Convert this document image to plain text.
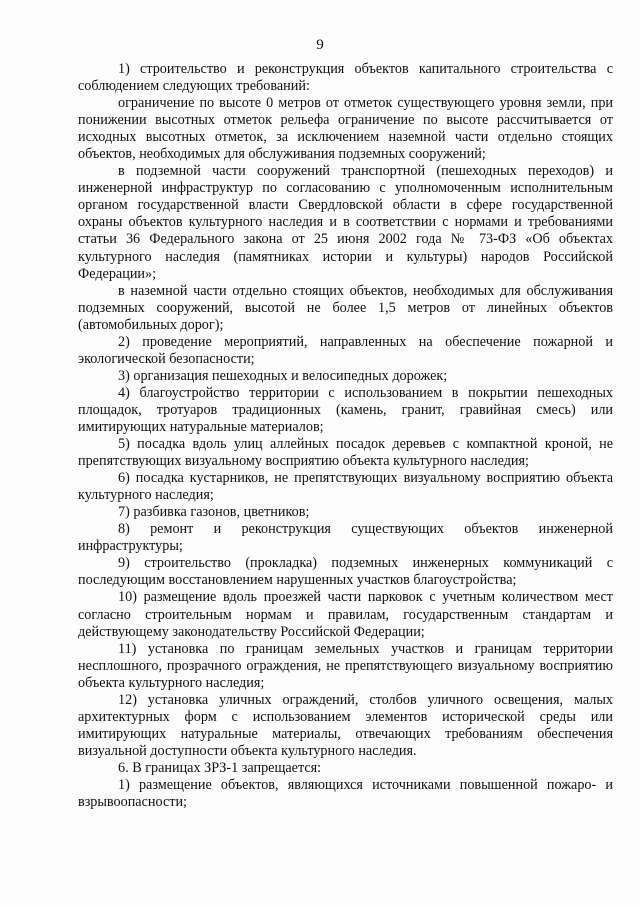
9

1) строительство и реконструкция объектов капитального строительства с соблюдением следующих требований:

ограничение по высоте 0 метров от отметок существующего уровня земли, при понижении высотных отметок рельефа ограничение по высоте рассчитывается от исходных высотных отметок, за исключением наземной части отдельно стоящих объектов, необходимых для обслуживания подземных сооружений;

в подземной части сооружений транспортной (пешеходных переходов) и инженерной инфраструктур по согласованию с уполномоченным исполнительным органом государственной власти Свердловской области в сфере государственной охраны объектов культурного наследия и в соответствии с нормами и требованиями статьи 36 Федерального закона от 25 июня 2002 года № 73-ФЗ «Об объектах культурного наследия (памятниках истории и культуры) народов Российской Федерации»;

в наземной части отдельно стоящих объектов, необходимых для обслуживания подземных сооружений, высотой не более 1,5 метров от линейных объектов (автомобильных дорог);

2) проведение мероприятий, направленных на обеспечение пожарной и экологической безопасности;

3) организация пешеходных и велосипедных дорожек;

4) благоустройство территории с использованием в покрытии пешеходных площадок, тротуаров традиционных (камень, гранит, гравийная смесь) или имитирующих натуральные материалов;

5) посадка вдоль улиц аллейных посадок деревьев с компактной кроной, не препятствующих визуальному восприятию объекта культурного наследия;

6) посадка кустарников, не препятствующих визуальному восприятию объекта культурного наследия;

7) разбивка газонов, цветников;

8) ремонт и реконструкция существующих объектов инженерной инфраструктуры;

9) строительство (прокладка) подземных инженерных коммуникаций с последующим восстановлением нарушенных участков благоустройства;

10) размещение вдоль проезжей части парковок с учетным количеством мест согласно строительным нормам и правилам, государственным стандартам и действующему законодательству Российской Федерации;

11) установка по границам земельных участков и границам территории несплошного, прозрачного ограждения, не препятствующего визуальному восприятию объекта культурного наследия;

12) установка уличных ограждений, столбов уличного освещения, малых архитектурных форм с использованием элементов исторической среды или имитирующих натуральные материалы, отвечающих требованиям обеспечения визуальной доступности объекта культурного наследия.

6. В границах ЗРЗ-1 запрещается:

1) размещение объектов, являющихся источниками повышенной пожаро- и взрывоопасности;
